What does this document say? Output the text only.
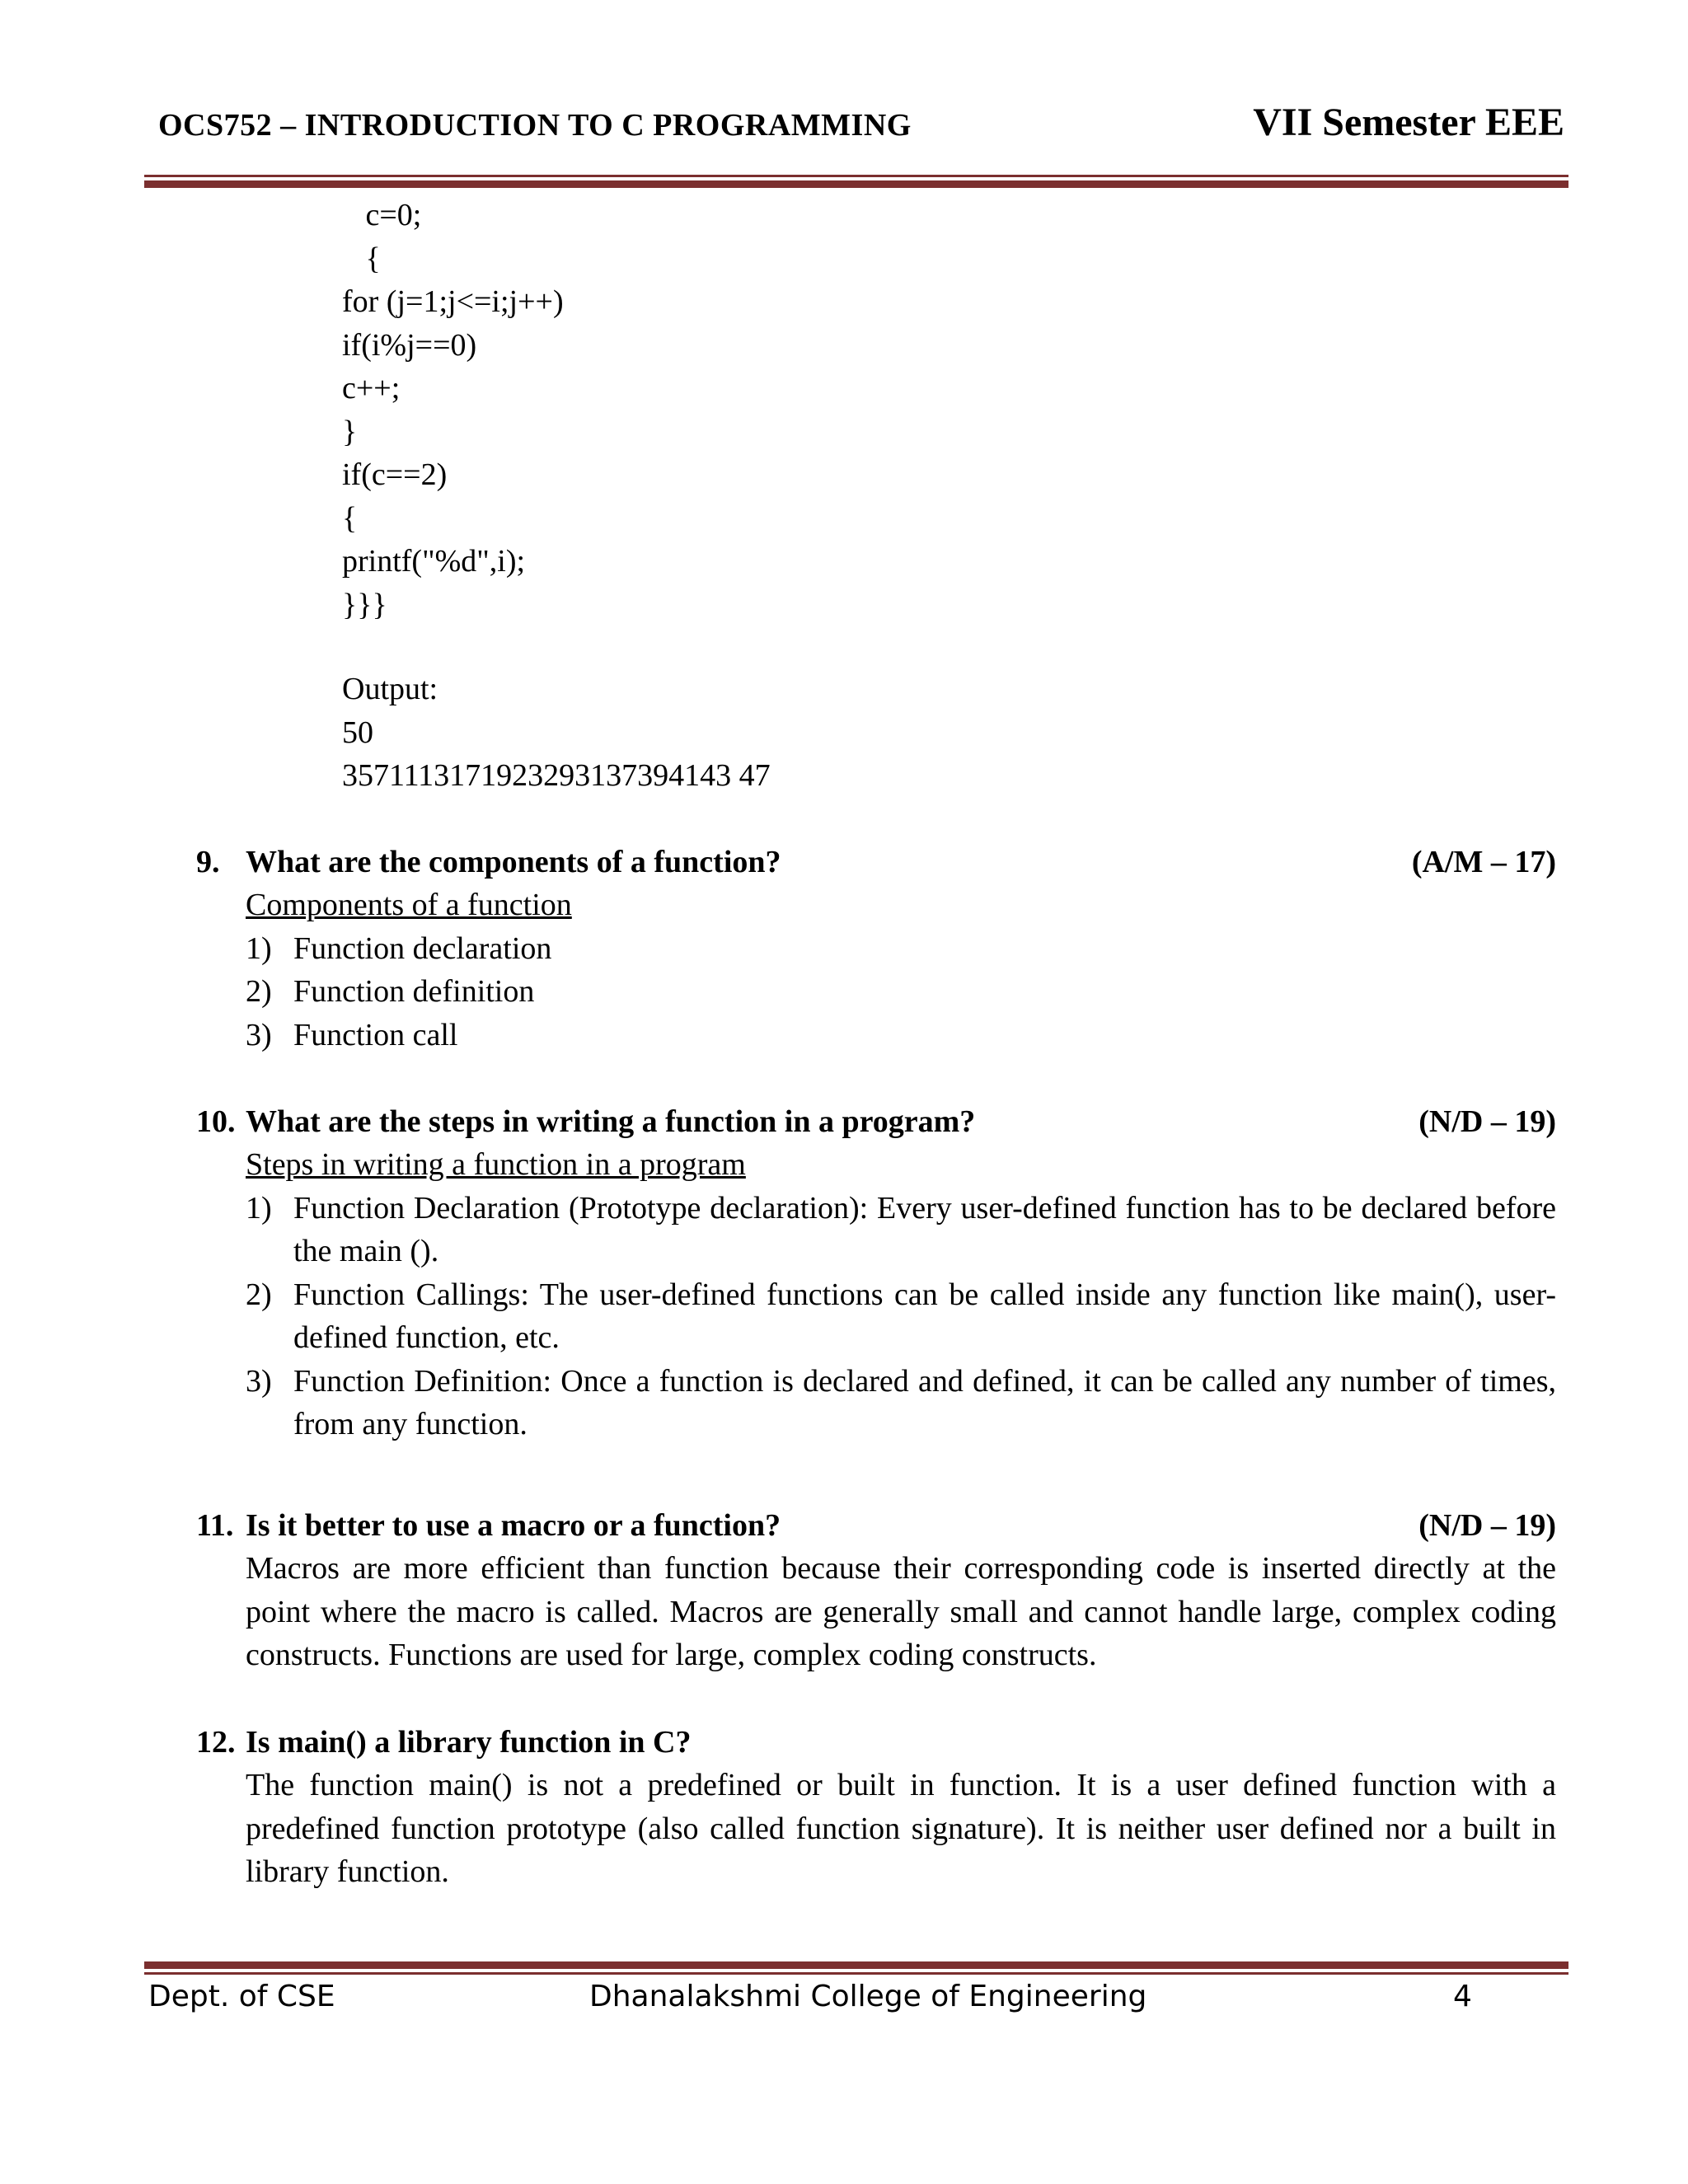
OCS752 – INTRODUCTION TO C PROGRAMMING	VII Semester EEE
c=0;
{
for (j=1;j<=i;j++)
if(i%j==0)
c++;
}
if(c==2)
{
printf("%d",i);
}}}
Output:
50
3571113171923293137394143 47
9. What are the components of a function?	(A/M – 17)
Components of a function
1) Function declaration
2) Function definition
3) Function call
10. What are the steps in writing a function in a program?	(N/D – 19)
Steps in writing a function in a program
1) Function Declaration (Prototype declaration): Every user-defined function has to be declared before the main ().
2) Function Callings: The user-defined functions can be called inside any function like main(), user-defined function, etc.
3) Function Definition: Once a function is declared and defined, it can be called any number of times, from any function.
11. Is it better to use a macro or a function?	(N/D – 19)
Macros are more efficient than function because their corresponding code is inserted directly at the point where the macro is called. Macros are generally small and cannot handle large, complex coding constructs. Functions are used for large, complex coding constructs.
12. Is main() a library function in C?
The function main() is not a predefined or built in function. It is a user defined function with a predefined function prototype (also called function signature). It is neither user defined nor a built in library function.
Dept. of CSE	Dhanalakshmi College of Engineering	4
